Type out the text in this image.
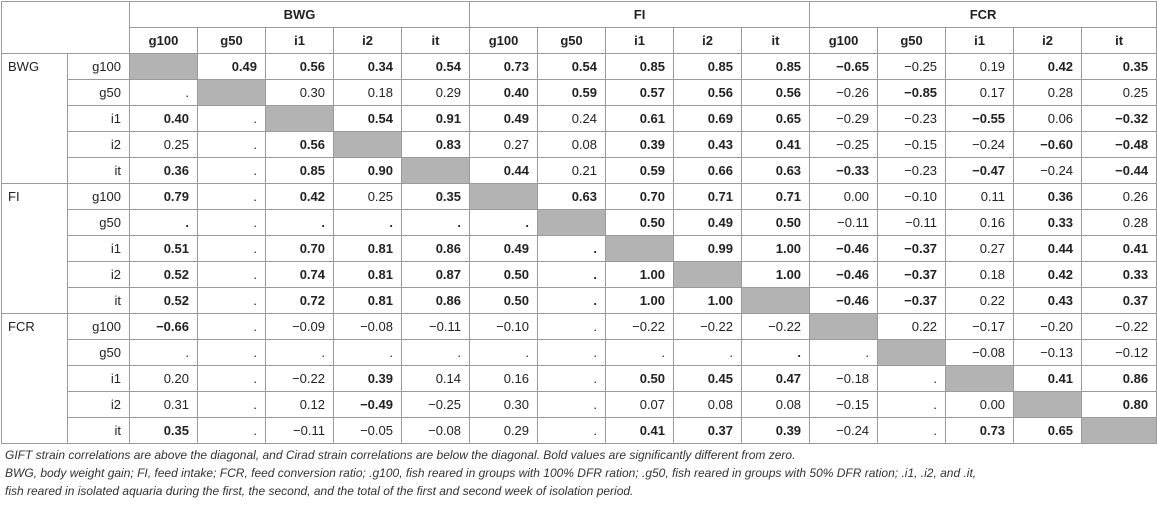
		BWG					FI					FCR				
		g100	g50	i1	i2	it	g100	g50	i1	i2	it	g100	g50	i1	i2	it
BWG	g100		0.49	0.56	0.34	0.54	0.73	0.54	0.85	0.85	0.85	−0.65	−0.25	0.19	0.42	0.35
	g50	.		0.30	0.18	0.29	0.40	0.59	0.57	0.56	0.56	−0.26	−0.85	0.17	0.28	0.25
	i1	0.40	.		0.54	0.91	0.49	0.24	0.61	0.69	0.65	−0.29	−0.23	−0.55	0.06	−0.32
	i2	0.25	.	0.56		0.83	0.27	0.08	0.39	0.43	0.41	−0.25	−0.15	−0.24	−0.60	−0.48
	it	0.36	.	0.85	0.90		0.44	0.21	0.59	0.66	0.63	−0.33	−0.23	−0.47	−0.24	−0.44
FI	g100	0.79	.	0.42	0.25	0.35		0.63	0.70	0.71	0.71	0.00	−0.10	0.11	0.36	0.26
	g50	.	.	.	.	.	.		0.50	0.49	0.50	−0.11	−0.11	0.16	0.33	0.28
	i1	0.51	.	0.70	0.81	0.86	0.49	.		0.99	1.00	−0.46	−0.37	0.27	0.44	0.41
	i2	0.52	.	0.74	0.81	0.87	0.50	.	1.00		1.00	−0.46	−0.37	0.18	0.42	0.33
	it	0.52	.	0.72	0.81	0.86	0.50	.	1.00	1.00		−0.46	−0.37	0.22	0.43	0.37
FCR	g100	−0.66	.	−0.09	−0.08	−0.11	−0.10	.	−0.22	−0.22	−0.22		0.22	−0.17	−0.20	−0.22
	g50	.	.	.	.	.	.	.	.	.	.	.		−0.08	−0.13	−0.12
	i1	0.20	.	−0.22	0.39	0.14	0.16	.	0.50	0.45	0.47	−0.18	.		0.41	0.86
	i2	0.31	.	0.12	−0.49	−0.25	0.30	.	0.07	0.08	0.08	−0.15	.	0.00		0.80
	it	0.35	.	−0.11	−0.05	−0.08	0.29	.	0.41	0.37	0.39	−0.24	.	0.73	0.65	
GIFT strain correlations are above the diagonal, and Cirad strain correlations are below the diagonal. Bold values are significantly different from zero.
BWG, body weight gain; FI, feed intake; FCR, feed conversion ratio; .g100, fish reared in groups with 100% DFR ration; .g50, fish reared in groups with 50% DFR ration; .i1, .i2, and .it,
fish reared in isolated aquaria during the first, the second, and the total of the first and second week of isolation period.
